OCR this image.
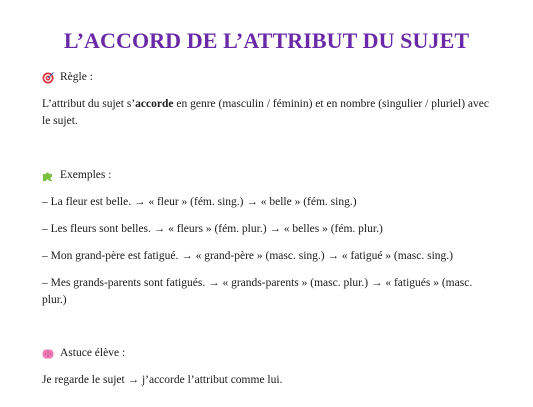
L’ACCORD DE L’ATTRIBUT DU SUJET
Règle :

L’attribut du sujet s’accorde en genre (masculin / féminin) et en nombre (singulier / pluriel) avec le sujet.

Exemples :

– La fleur est belle. → « fleur » (fém. sing.) → « belle » (fém. sing.)

– Les fleurs sont belles. → « fleurs » (fém. plur.) → « belles » (fém. plur.)

– Mon grand-père est fatigué. → « grand-père » (masc. sing.) → « fatigué » (masc. sing.)

– Mes grands-parents sont fatigués. → « grands-parents » (masc. plur.) → « fatigués » (masc. plur.)

Astuce élève :

Je regarde le sujet → j’accorde l’attribut comme lui.
